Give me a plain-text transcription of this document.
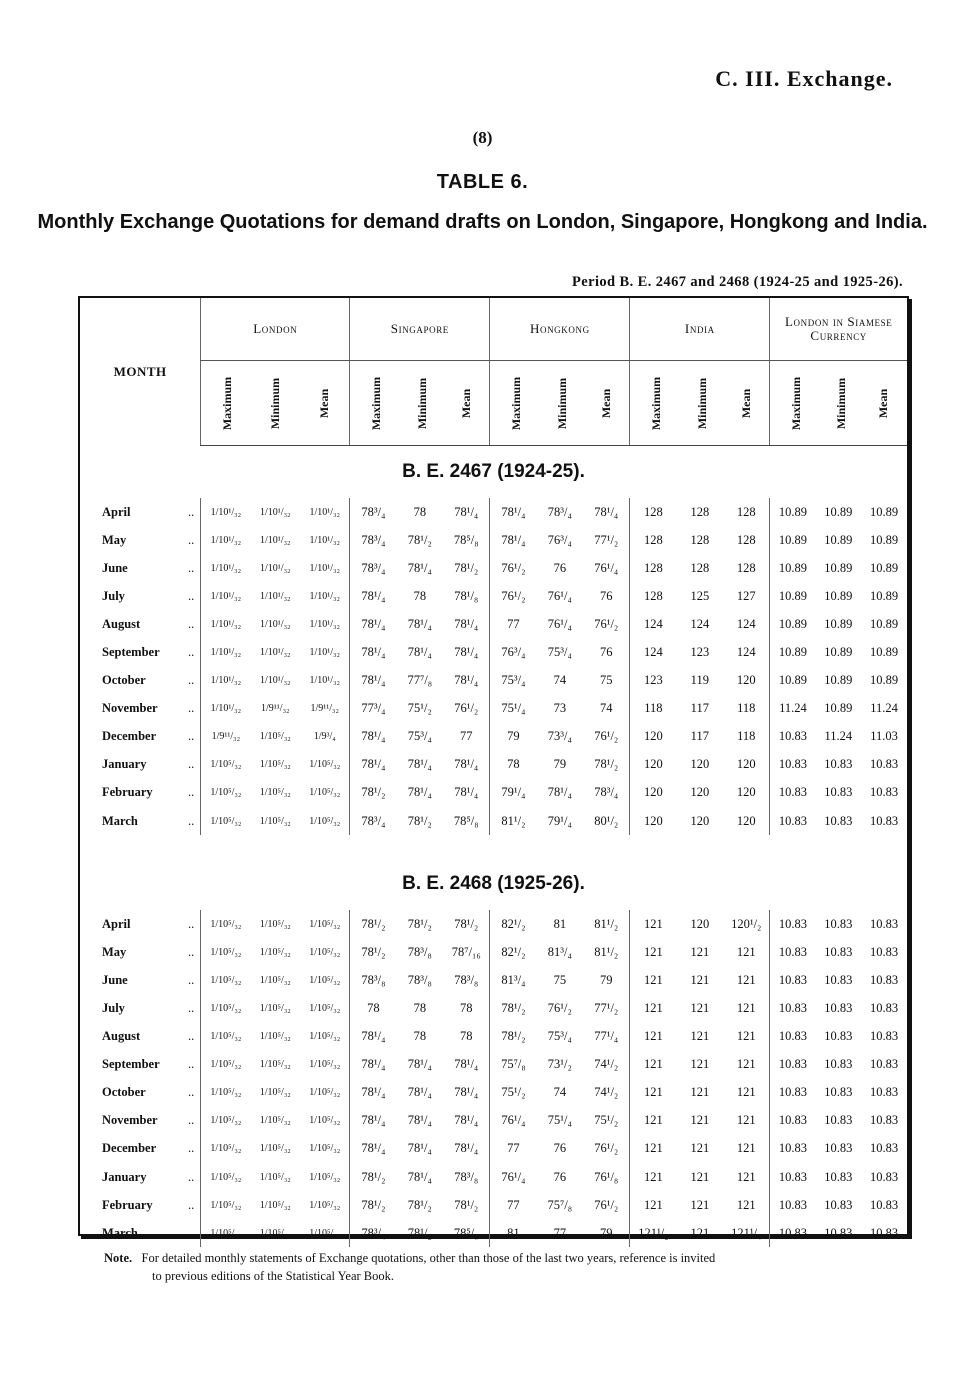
C. III. Exchange.
(8)
TABLE 6.
Monthly Exchange Quotations for demand drafts on London, Singapore, Hongkong and India.
Period B. E. 2467 and 2468 (1924-25 and 1925-26).
MONTH	London			Singapore			Hongkong			India			London in Siamese Currency		
	Maximum	Minimum	Mean	Maximum	Minimum	Mean	Maximum	Minimum	Mean	Maximum	Minimum	Mean	Maximum	Minimum	Mean
B. E. 2467 (1924-25).															
April ..	1/10¹/₃₂	1/10¹/₃₂	1/10¹/₃₂	78³/₄	78	78¹/₄	78¹/₄	78³/₄	78¹/₄	128	128	128	10.89	10.89	10.89
May ..	1/10¹/₃₂	1/10¹/₃₂	1/10¹/₃₂	78³/₄	78¹/₂	78⁵/₈	78¹/₄	76³/₄	77¹/₂	128	128	128	10.89	10.89	10.89
June ..	1/10¹/₃₂	1/10¹/₃₂	1/10¹/₃₂	78³/₄	78¹/₄	78¹/₂	76¹/₂	76	76¹/₄	128	128	128	10.89	10.89	10.89
July ..	1/10¹/₃₂	1/10¹/₃₂	1/10¹/₃₂	78¹/₄	78	78¹/₈	76¹/₂	76¹/₄	76	128	125	127	10.89	10.89	10.89
August ..	1/10¹/₃₂	1/10¹/₃₂	1/10¹/₃₂	78¹/₄	78¹/₄	78¹/₄	77	76¹/₄	76¹/₂	124	124	124	10.89	10.89	10.89
September ..	1/10¹/₃₂	1/10¹/₃₂	1/10¹/₃₂	78¹/₄	78¹/₄	78¹/₄	76³/₄	75³/₄	76	124	123	124	10.89	10.89	10.89
October ..	1/10¹/₃₂	1/10¹/₃₂	1/10¹/₃₂	78¹/₄	77⁷/₈	78¹/₄	75³/₄	74	75	123	119	120	10.89	10.89	10.89
November ..	1/10¹/₃₂	1/9¹¹/₃₂	1/9¹¹/₃₂	77³/₄	75¹/₂	76¹/₂	75¹/₄	73	74	118	117	118	11.24	10.89	11.24
December ..	1/9¹¹/₃₂	1/10⁵/₃₂	1/9³/₄	78¹/₄	75³/₄	77	79	73³/₄	76¹/₂	120	117	118	10.83	11.24	11.03
January ..	1/10⁵/₃₂	1/10⁵/₃₂	1/10⁵/₃₂	78¹/₄	78¹/₄	78¹/₄	78	79	78¹/₂	120	120	120	10.83	10.83	10.83
February ..	1/10⁵/₃₂	1/10⁵/₃₂	1/10⁵/₃₂	78¹/₂	78¹/₄	78¹/₄	79¹/₄	78¹/₄	78³/₄	120	120	120	10.83	10.83	10.83
March ..	1/10⁵/₃₂	1/10⁵/₃₂	1/10⁵/₃₂	78³/₄	78¹/₂	78⁵/₈	81¹/₂	79¹/₄	80¹/₂	120	120	120	10.83	10.83	10.83

B. E. 2468 (1925-26).															
April ..	1/10⁵/₃₂	1/10⁵/₃₂	1/10⁵/₃₂	78¹/₂	78¹/₂	78¹/₂	82¹/₂	81	81¹/₂	121	120	120¹/₂	10.83	10.83	10.83
May ..	1/10⁵/₃₂	1/10⁵/₃₂	1/10⁵/₃₂	78¹/₂	78³/₈	78⁷/₁₆	82¹/₂	81³/₄	81¹/₂	121	121	121	10.83	10.83	10.83
June ..	1/10⁵/₃₂	1/10⁵/₃₂	1/10⁵/₃₂	78³/₈	78³/₈	78³/₈	81³/₄	75	79	121	121	121	10.83	10.83	10.83
July ..	1/10⁵/₃₂	1/10⁵/₃₂	1/10⁵/₃₂	78	78	78	78¹/₂	76¹/₂	77¹/₂	121	121	121	10.83	10.83	10.83
August ..	1/10⁵/₃₂	1/10⁵/₃₂	1/10⁵/₃₂	78¹/₄	78	78	78¹/₂	75³/₄	77¹/₄	121	121	121	10.83	10.83	10.83
September ..	1/10⁵/₃₂	1/10⁵/₃₂	1/10⁵/₃₂	78¹/₄	78¹/₄	78¹/₄	75⁷/₈	73¹/₂	74¹/₂	121	121	121	10.83	10.83	10.83
October ..	1/10⁵/₃₂	1/10⁵/₃₂	1/10⁵/₃₂	78¹/₄	78¹/₄	78¹/₄	75¹/₂	74	74¹/₂	121	121	121	10.83	10.83	10.83
November ..	1/10⁵/₃₂	1/10⁵/₃₂	1/10⁵/₃₂	78¹/₄	78¹/₄	78¹/₄	76¹/₄	75¹/₄	75¹/₂	121	121	121	10.83	10.83	10.83
December ..	1/10⁵/₃₂	1/10⁵/₃₂	1/10⁵/₃₂	78¹/₄	78¹/₄	78¹/₄	77	76	76¹/₂	121	121	121	10.83	10.83	10.83
January ..	1/10⁵/₃₂	1/10⁵/₃₂	1/10⁵/₃₂	78¹/₂	78¹/₄	78³/₈	76¹/₄	76	76¹/₈	121	121	121	10.83	10.83	10.83
February ..	1/10⁵/₃₂	1/10⁵/₃₂	1/10⁵/₃₂	78¹/₂	78¹/₂	78¹/₂	77	75⁷/₈	76¹/₂	121	121	121	10.83	10.83	10.83
March ..	1/10⁵/₃₂	1/10⁵/₃₂	1/10⁵/₃₂	78³/₄	78¹/₂	78⁵/₈	81	77	79	121¹/₂	121	121¹/₄	10.83	10.83	10.83
Note. For detailed monthly statements of Exchange quotations, other than those of the last two years, reference is invited
to previous editions of the Statistical Year Book.
